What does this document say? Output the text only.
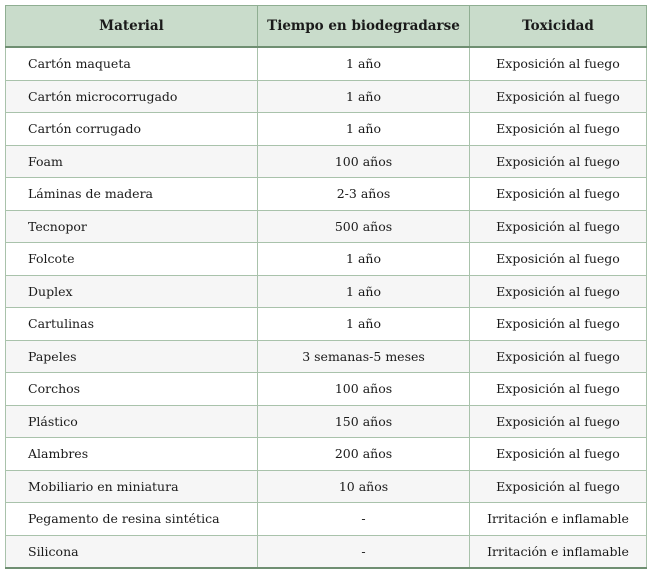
Material	Tiempo en biodegradarse	Toxicidad
Cartón maqueta	1 año	Exposición al fuego
Cartón microcorrugado	1 año	Exposición al fuego
Cartón corrugado	1 año	Exposición al fuego
Foam	100 años	Exposición al fuego
Láminas de madera	2-3 años	Exposición al fuego
Tecnopor	500 años	Exposición al fuego
Folcote	1 año	Exposición al fuego
Duplex	1 año	Exposición al fuego
Cartulinas	1 año	Exposición al fuego
Papeles	3 semanas-5 meses	Exposición al fuego
Corchos	100 años	Exposición al fuego
Plástico	150 años	Exposición al fuego
Alambres	200 años	Exposición al fuego
Mobiliario en miniatura	10 años	Exposición al fuego
Pegamento de resina sintética	-	Irritación e inflamable
Silicona	-	Irritación e inflamable
